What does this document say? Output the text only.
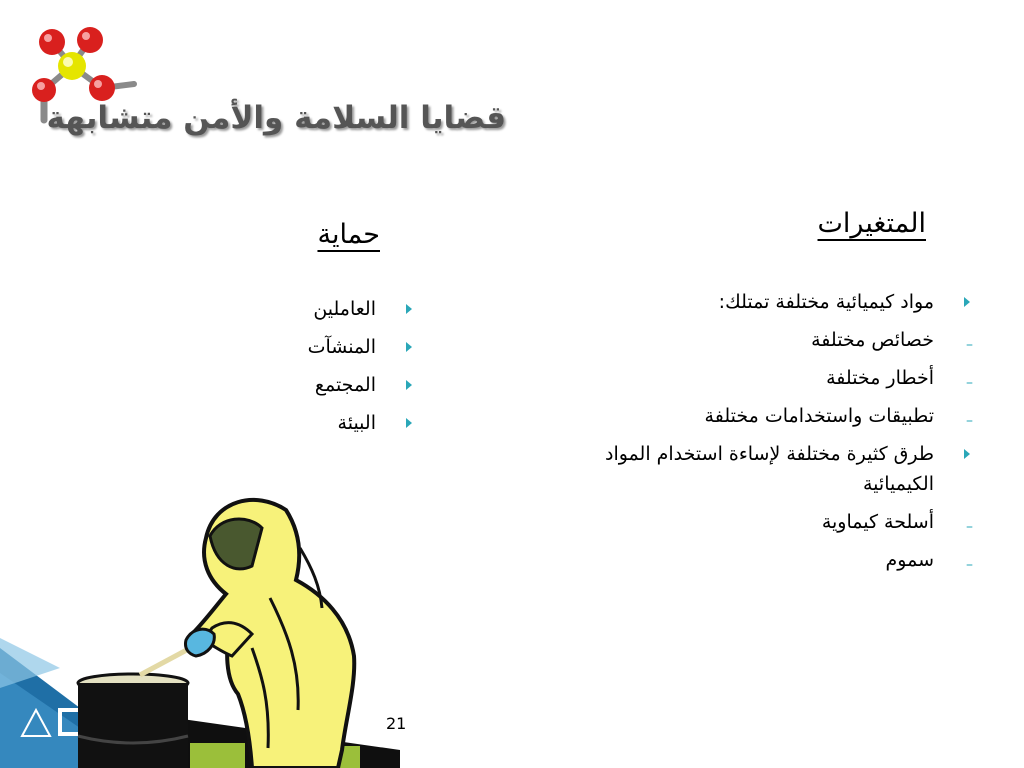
قضايا السلامة والأمن متشابهة
المتغيرات
مواد كيميائية مختلفة تمتلك:
–
خصائص مختلفة
–
أخطار مختلفة
–
تطبيقات واستخدامات مختلفة
طرق كثيرة مختلفة لإساءة استخدام المواد الكيميائية
–
أسلحة كيماوية
–
سموم
حماية
العاملين
المنشآت
المجتمع
البيئة
21
